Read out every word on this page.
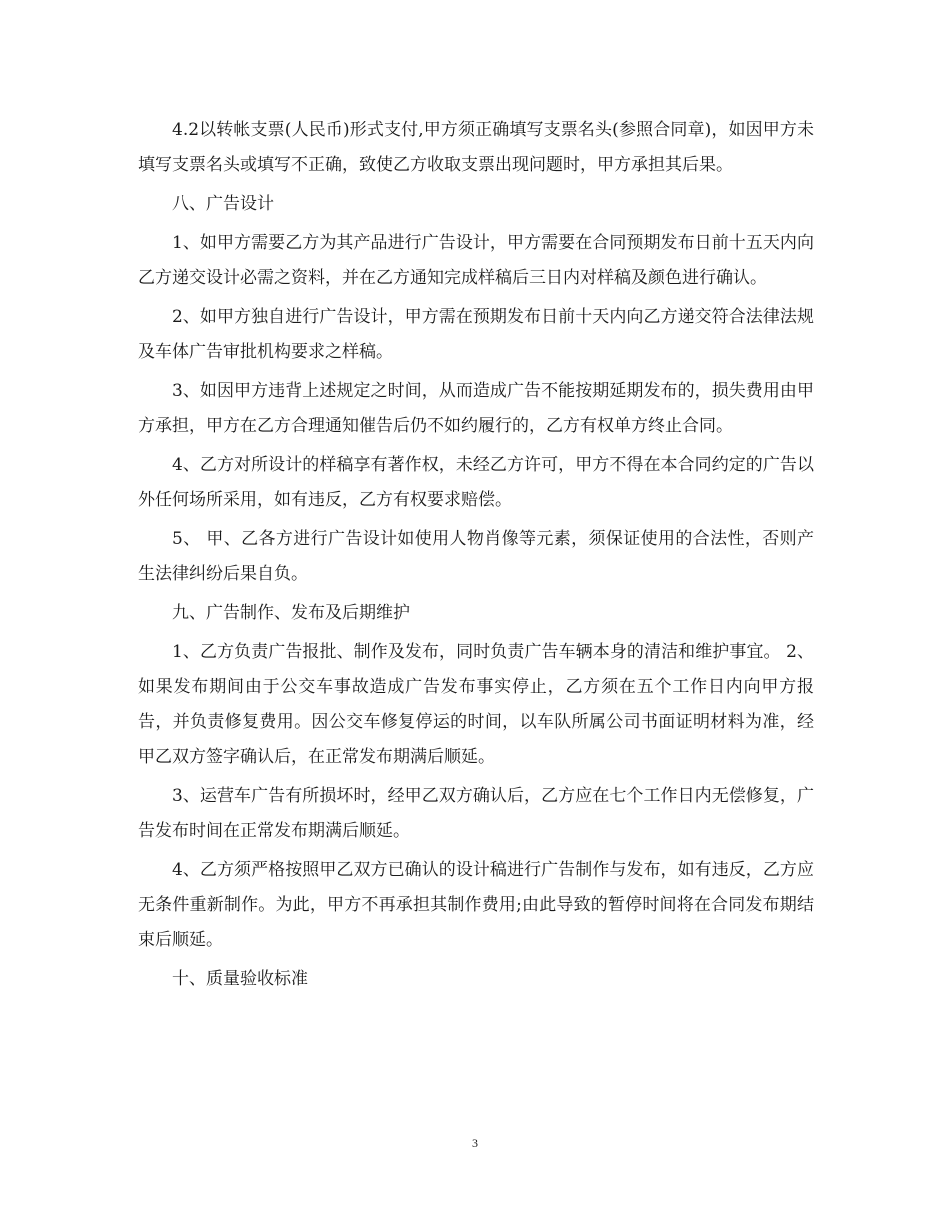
4.2以转帐支票(人民币)形式支付,甲方须正确填写支票名头(参照合同章)，如因甲方未填写支票名头或填写不正确，致使乙方收取支票出现问题时，甲方承担其后果。

八、广告设计

1、如甲方需要乙方为其产品进行广告设计，甲方需要在合同预期发布日前十五天内向乙方递交设计必需之资料，并在乙方通知完成样稿后三日内对样稿及颜色进行确认。

2、如甲方独自进行广告设计，甲方需在预期发布日前十天内向乙方递交符合法律法规及车体广告审批机构要求之样稿。

3、如因甲方违背上述规定之时间，从而造成广告不能按期延期发布的，损失费用由甲方承担，甲方在乙方合理通知催告后仍不如约履行的，乙方有权单方终止合同。

4、乙方对所设计的样稿享有著作权，未经乙方许可，甲方不得在本合同约定的广告以外任何场所采用，如有违反，乙方有权要求赔偿。

5、 甲、乙各方进行广告设计如使用人物肖像等元素，须保证使用的合法性，否则产生法律纠纷后果自负。

九、广告制作、发布及后期维护

1、乙方负责广告报批、制作及发布，同时负责广告车辆本身的清洁和维护事宜。 2、如果发布期间由于公交车事故造成广告发布事实停止，乙方须在五个工作日内向甲方报告，并负责修复费用。因公交车修复停运的时间，以车队所属公司书面证明材料为准，经甲乙双方签字确认后，在正常发布期满后顺延。

3、运营车广告有所损坏时，经甲乙双方确认后，乙方应在七个工作日内无偿修复，广告发布时间在正常发布期满后顺延。

4、乙方须严格按照甲乙双方已确认的设计稿进行广告制作与发布，如有违反，乙方应无条件重新制作。为此，甲方不再承担其制作费用;由此导致的暂停时间将在合同发布期结束后顺延。

十、质量验收标准

3
